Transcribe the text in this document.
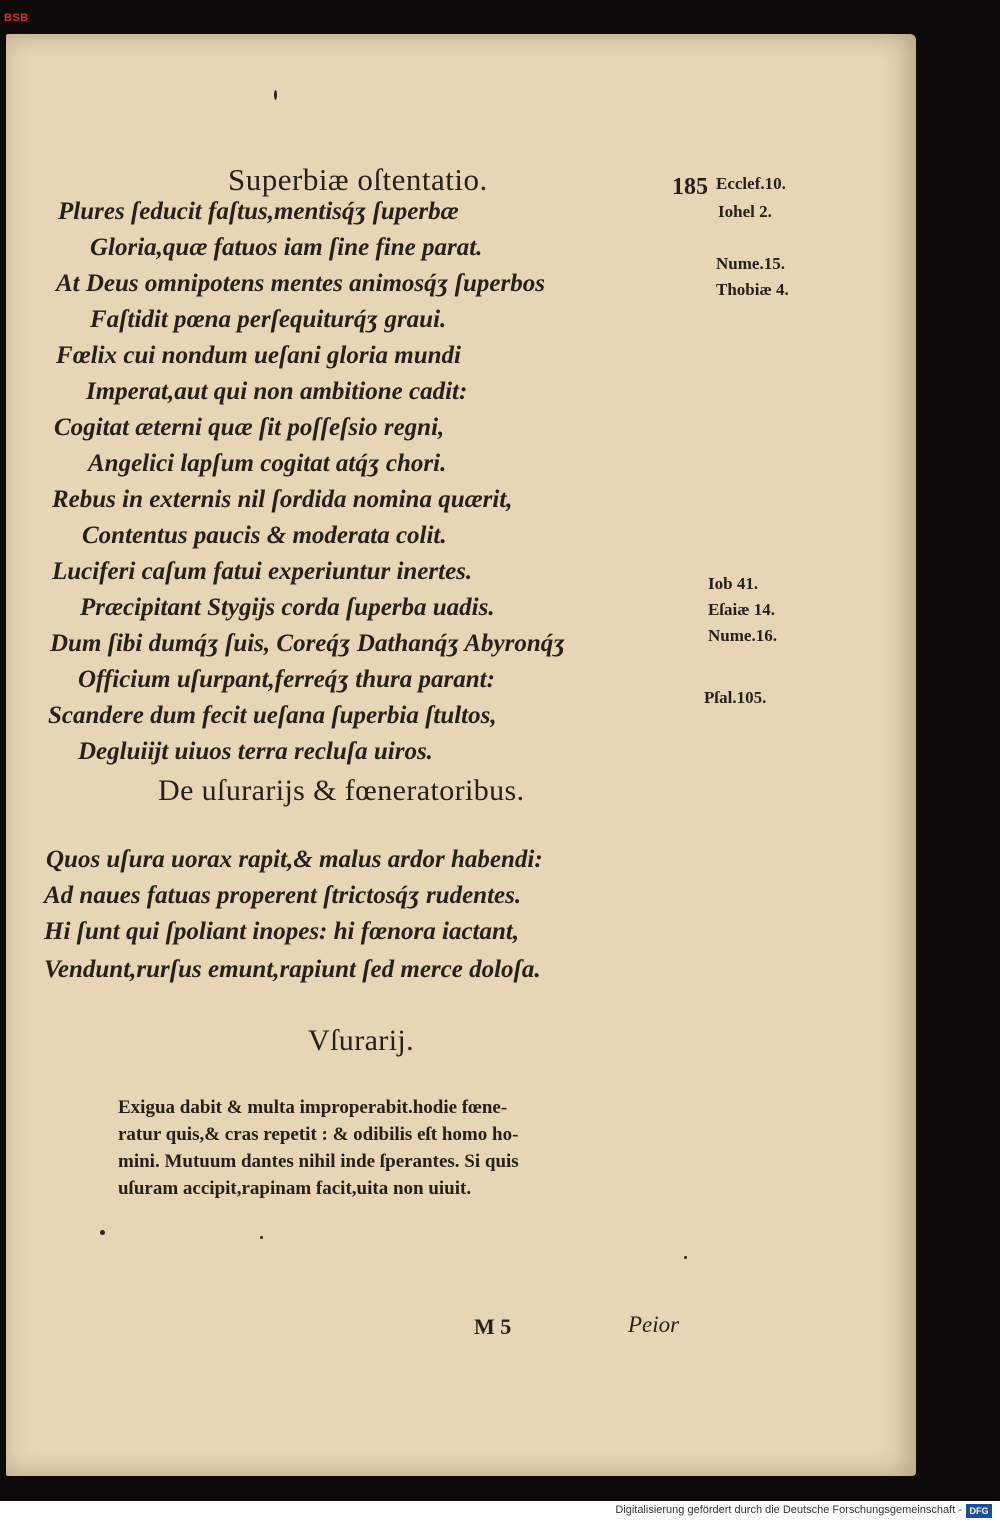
BSB
Superbiæ oſtentatio.	185
Plures ſeducit faſtus,mentisq́ʒ ſuperbæ
Gloria,quæ fatuos iam ſine fine parat.
At Deus omnipotens mentes animosq́ʒ ſuperbos
Faſtidit pœna perſequiturq́ʒ graui.
Fœlix cui nondum ueſani gloria mundi
Imperat,aut qui non ambitione cadit:
Cogitat æterni quæ ſit poſſeſsio regni,
Angelici lapſum cogitat atq́ʒ chori.
Rebus in externis nil ſordida nomina quærit,
Contentus paucis & moderata colit.
Luciferi caſum fatui experiuntur inertes.
Præcipitant Stygijs corda ſuperba uadis.
Dum ſibi dumq́ʒ ſuis, Coreq́ʒ Dathanq́ʒ Abyronq́ʒ
Officium uſurpant,ferreq́ʒ thura parant:
Scandere dum fecit ueſana ſuperbia ſtultos,
Degluiijt uiuos terra recluſa uiros.
Ecclef.10.
Iohel 2.
Nume.15.
Thobiæ 4.
Iob 41.
Eſaiæ 14.
Nume.16.
Pſal.105.
De uſurarijs & fœneratoribus.
Quos uſura uorax rapit,& malus ardor habendi:
Ad naues fatuas properent ſtrictosq́ʒ rudentes.
Hi ſunt qui ſpoliant inopes: hi fœnora iactant,
Vendunt,rurſus emunt,rapiunt ſed merce doloſa.
Vſurarij.
Exigua dabit & multa improperabit.hodie fœne-
ratur quis,& cras repetit : & odibilis eſt homo ho-
mini. Mutuum dantes nihil inde ſperantes. Si quis
uſuram accipit,rapinam facit,uita non uiuit.
M 5	Peior
Digitalisierung gefördert durch die Deutsche Forschungsgemeinschaft - DFG
